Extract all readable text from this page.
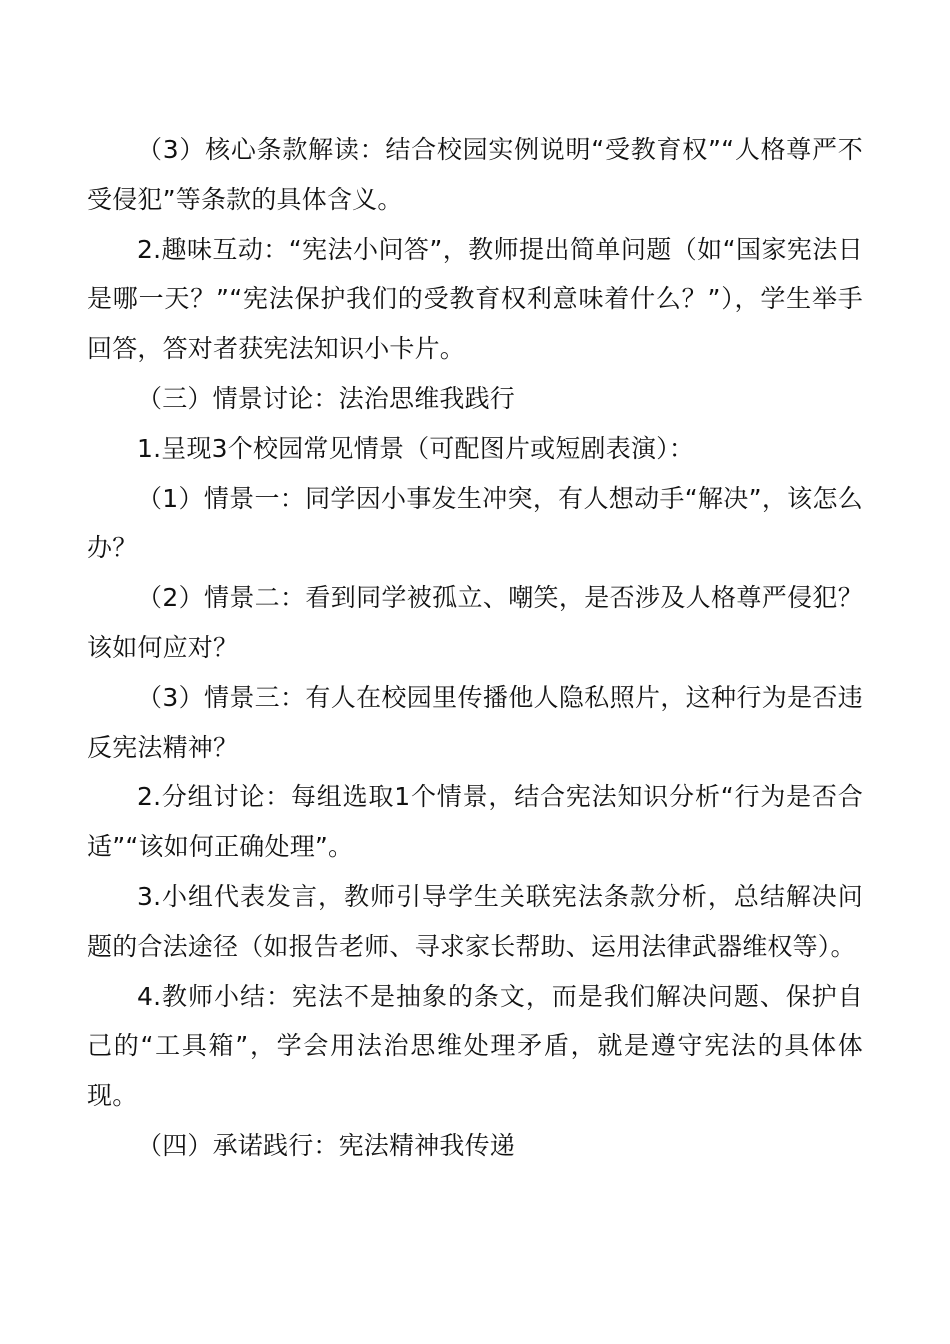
（3）核心条款解读：结合校园实例说明“受教育权”“人格尊严不受侵犯”等条款的具体含义。

2.趣味互动：“宪法小问答”，教师提出简单问题（如“国家宪法日是哪一天？”“宪法保护我们的受教育权利意味着什么？”），学生举手回答，答对者获宪法知识小卡片。

（三）情景讨论：法治思维我践行

1.呈现3个校园常见情景（可配图片或短剧表演）：

（1）情景一：同学因小事发生冲突，有人想动手“解决”，该怎么办？

（2）情景二：看到同学被孤立、嘲笑，是否涉及人格尊严侵犯？该如何应对？

（3）情景三：有人在校园里传播他人隐私照片，这种行为是否违反宪法精神？

2.分组讨论：每组选取1个情景，结合宪法知识分析“行为是否合适”“该如何正确处理”。

3.小组代表发言，教师引导学生关联宪法条款分析，总结解决问题的合法途径（如报告老师、寻求家长帮助、运用法律武器维权等）。

4.教师小结：宪法不是抽象的条文，而是我们解决问题、保护自己的“工具箱”，学会用法治思维处理矛盾，就是遵守宪法的具体体现。

（四）承诺践行：宪法精神我传递
